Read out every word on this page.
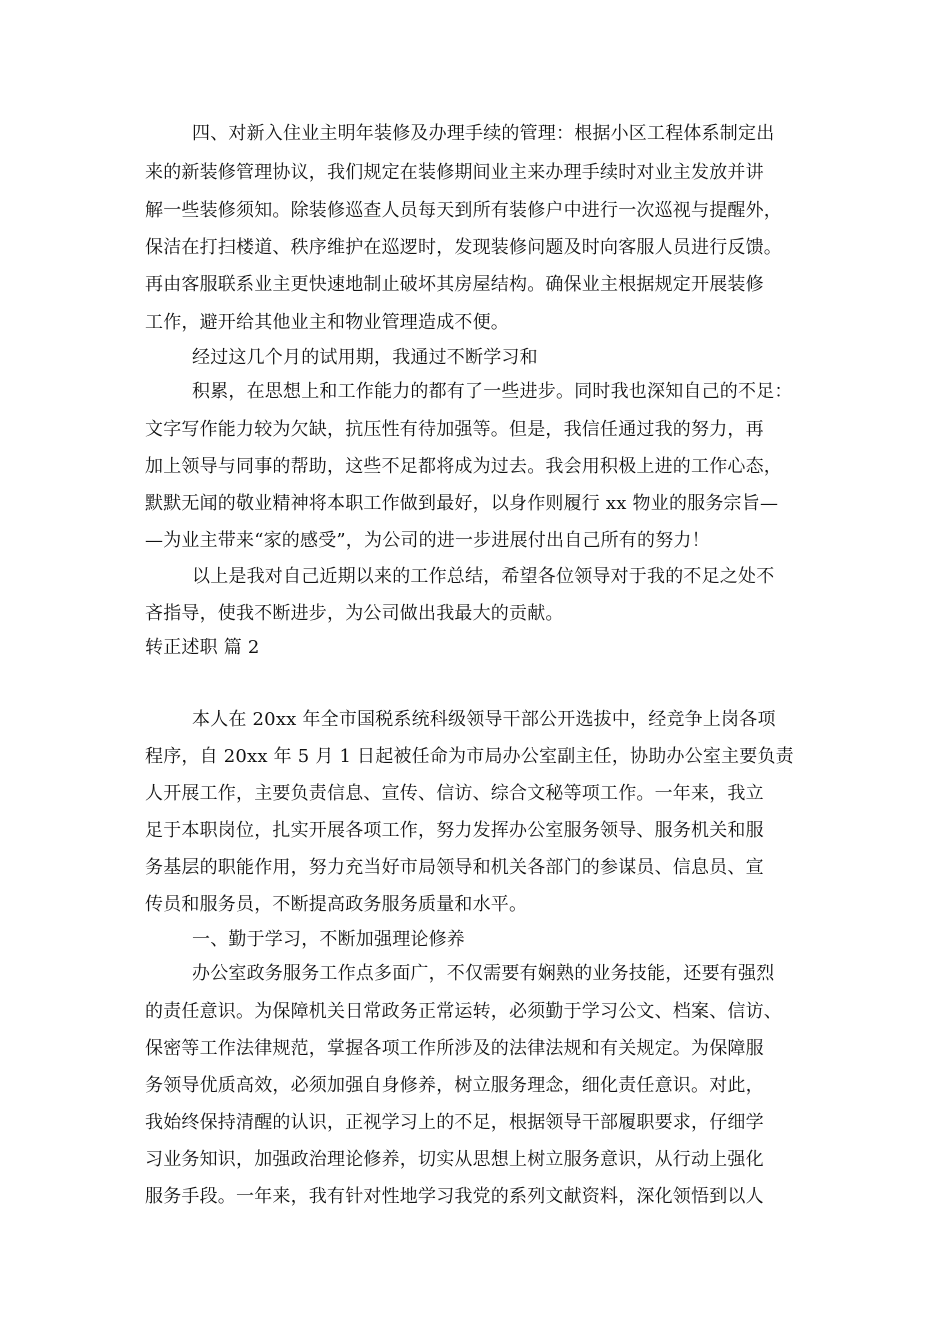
四、对新入住业主明年装修及办理手续的管理：根据小区工程体系制定出
来的新装修管理协议，我们规定在装修期间业主来办理手续时对业主发放并讲
解一些装修须知。除装修巡查人员每天到所有装修户中进行一次巡视与提醒外，
保洁在打扫楼道、秩序维护在巡逻时，发现装修问题及时向客服人员进行反馈。
再由客服联系业主更快速地制止破坏其房屋结构。确保业主根据规定开展装修
工作，避开给其他业主和物业管理造成不便。
经过这几个月的试用期，我通过不断学习和
积累，在思想上和工作能力的都有了一些进步。同时我也深知自己的不足：
文字写作能力较为欠缺，抗压性有待加强等。但是，我信任通过我的努力，再
加上领导与同事的帮助，这些不足都将成为过去。我会用积极上进的工作心态，
默默无闻的敬业精神将本职工作做到最好，以身作则履行 xx 物业的服务宗旨—
—为业主带来“家的感受”，为公司的进一步进展付出自己所有的努力！
以上是我对自己近期以来的工作总结，希望各位领导对于我的不足之处不
吝指导，使我不断进步，为公司做出我最大的贡献。
转正述职 篇 2
本人在 20xx 年全市国税系统科级领导干部公开选拔中，经竞争上岗各项
程序，自 20xx 年 5 月 1 日起被任命为市局办公室副主任，协助办公室主要负责
人开展工作，主要负责信息、宣传、信访、综合文秘等项工作。一年来，我立
足于本职岗位，扎实开展各项工作，努力发挥办公室服务领导、服务机关和服
务基层的职能作用，努力充当好市局领导和机关各部门的参谋员、信息员、宣
传员和服务员，不断提高政务服务质量和水平。
一、勤于学习，不断加强理论修养
办公室政务服务工作点多面广，不仅需要有娴熟的业务技能，还要有强烈
的责任意识。为保障机关日常政务正常运转，必须勤于学习公文、档案、信访、
保密等工作法律规范，掌握各项工作所涉及的法律法规和有关规定。为保障服
务领导优质高效，必须加强自身修养，树立服务理念，细化责任意识。对此，
我始终保持清醒的认识，正视学习上的不足，根据领导干部履职要求，仔细学
习业务知识，加强政治理论修养，切实从思想上树立服务意识，从行动上强化
服务手段。一年来，我有针对性地学习我党的系列文献资料，深化领悟到以人
